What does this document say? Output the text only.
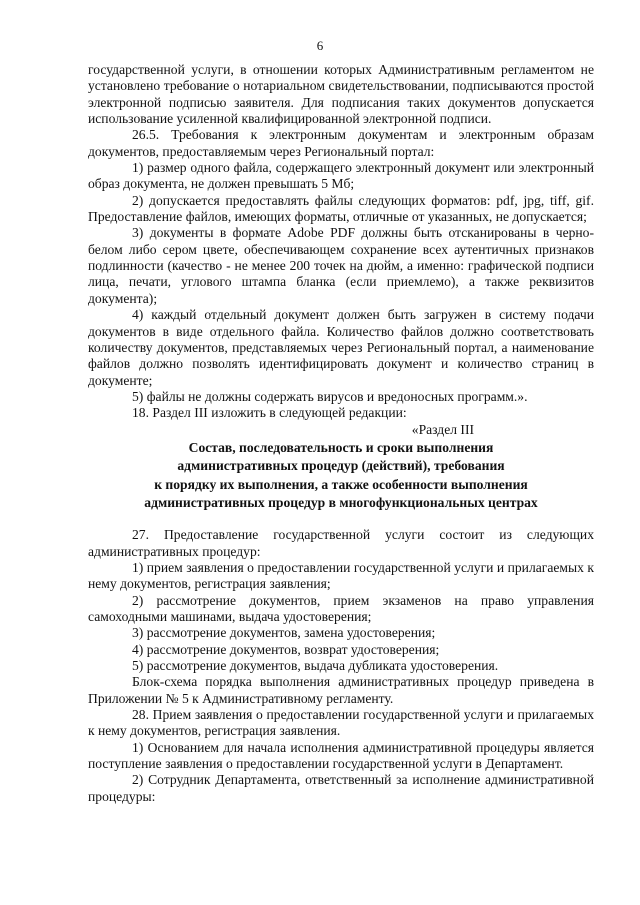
6

государственной услуги, в отношении которых Административным регламентом не установлено требование о нотариальном свидетельствовании, подписываются простой электронной подписью заявителя. Для подписания таких документов допускается использование усиленной квалифицированной электронной подписи.

26.5. Требования к электронным документам и электронным образам документов, предоставляемым через Региональный портал:

1) размер одного файла, содержащего электронный документ или электронный образ документа, не должен превышать 5 Мб;

2) допускается предоставлять файлы следующих форматов: pdf, jpg, tiff, gif. Предоставление файлов, имеющих форматы, отличные от указанных, не допускается;

3) документы в формате Adobe PDF должны быть отсканированы в черно-белом либо сером цвете, обеспечивающем сохранение всех аутентичных признаков подлинности (качество - не менее 200 точек на дюйм, а именно: графической подписи лица, печати, углового штампа бланка (если приемлемо), а также реквизитов документа);

4) каждый отдельный документ должен быть загружен в систему подачи документов в виде отдельного файла. Количество файлов должно соответствовать количеству документов, представляемых через Региональный портал, а наименование файлов должно позволять идентифицировать документ и количество страниц в документе;

5) файлы не должны содержать вирусов и вредоносных программ.».

18. Раздел III изложить в следующей редакции:

«Раздел III

Состав, последовательность и сроки выполнения

административных процедур (действий), требования

к порядку их выполнения, а также особенности выполнения

административных процедур в многофункциональных центрах

27. Предоставление государственной услуги состоит из следующих административных процедур:

1) прием заявления о предоставлении государственной услуги и прилагаемых к нему документов, регистрация заявления;

2) рассмотрение документов, прием экзаменов на право управления самоходными машинами, выдача удостоверения;

3) рассмотрение документов, замена удостоверения;

4) рассмотрение документов, возврат удостоверения;

5) рассмотрение документов, выдача дубликата удостоверения.

Блок-схема порядка выполнения административных процедур приведена в Приложении № 5 к Административному регламенту.

28. Прием заявления о предоставлении государственной услуги и прилагаемых к нему документов, регистрация заявления.

1) Основанием для начала исполнения административной процедуры является поступление заявления о предоставлении государственной услуги в Департамент.

2) Сотрудник Департамента, ответственный за исполнение административной процедуры:
